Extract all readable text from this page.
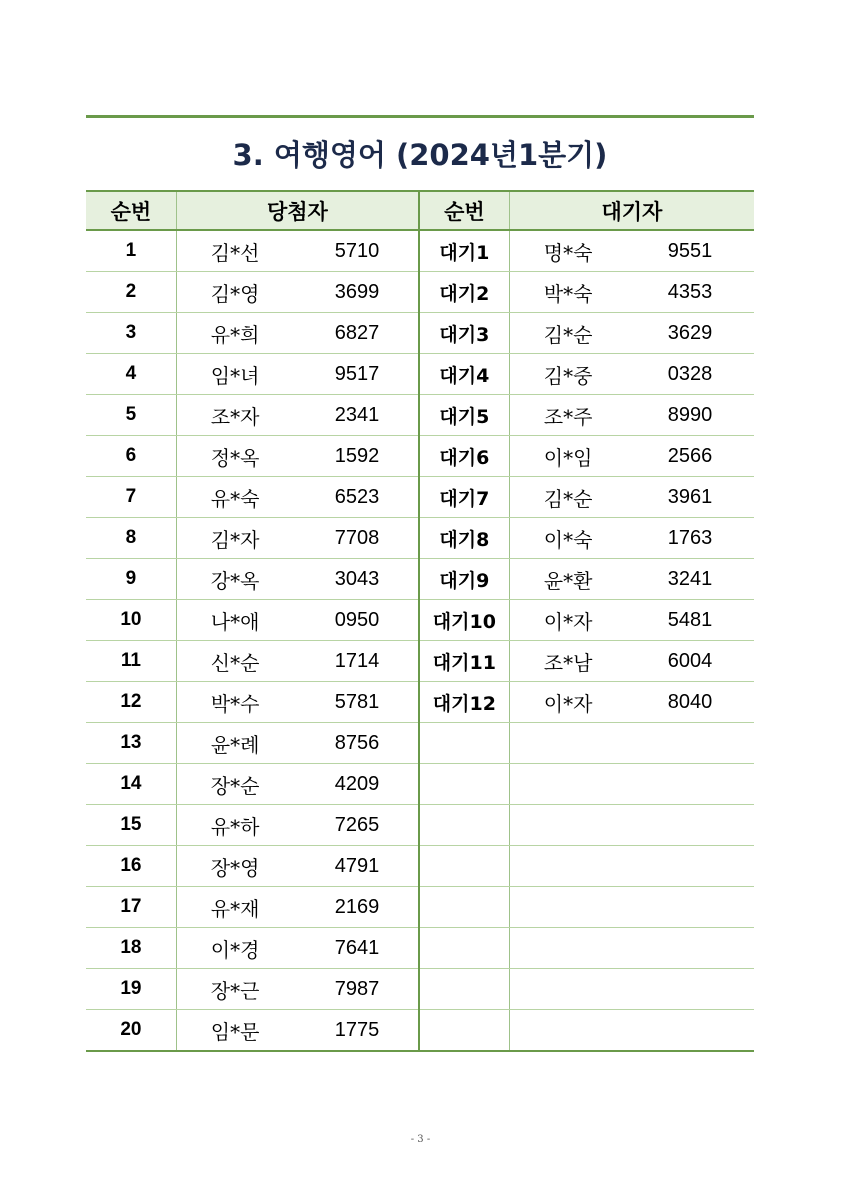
3. 여행영어 (2024년1분기)
순번	당첨자	순번	대기자
1	김*선 5710	대기1	명*숙 9551

2	김*영 3699	대기2	박*숙 4353

3	유*희 6827	대기3	김*순 3629

4	임*녀 9517	대기4	김*중 0328

5	조*자 2341	대기5	조*주 8990

6	정*옥 1592	대기6	이*임 2566

7	유*숙 6523	대기7	김*순 3961

8	김*자 7708	대기8	이*숙 1763

9	강*옥 3043	대기9	윤*환 3241

10	나*애 0950	대기10	이*자 5481

11	신*순 1714	대기11	조*남 6004

12	박*수 5781	대기12	이*자 8040

13	윤*례 8756		

14	장*순 4209		

15	유*하 7265		

16	장*영 4791		

17	유*재 2169		

18	이*경 7641		

19	장*근 7987		

20	임*문 1775		

- 3 -
